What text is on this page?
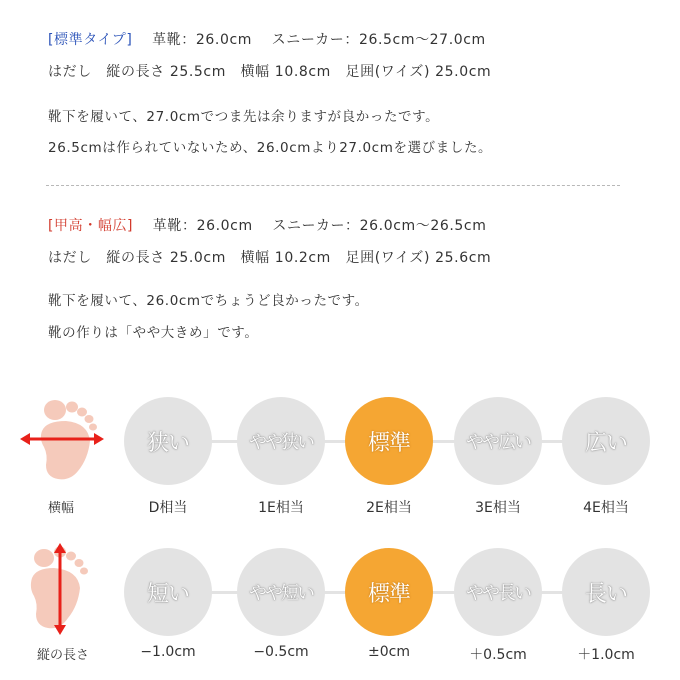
[標準タイプ]　 革靴：26.0cm　 スニーカー：26.5cm〜27.0cm
はだし　縦の長さ 25.5cm　横幅 10.8cm　足囲(ワイズ) 25.0cm
靴下を履いて、27.0cmでつま先は余りますが良かったです。
26.5cmは作られていないため、26.0cmより27.0cmを選びました。
[甲高・幅広]　 革靴：26.0cm　 スニーカー：26.0cm〜26.5cm
はだし　縦の長さ 25.0cm　横幅 10.2cm　足囲(ワイズ) 25.6cm
靴下を履いて、26.0cmでちょうど良かったです。
靴の作りは「やや大きめ」です。
横幅
狭い	やや狭い	標準	やや広い	広い
D相当	1E相当	2E相当	3E相当	4E相当
縦の長さ
短い	やや短い	標準	やや長い	長い
−1.0cm	−0.5cm	±0cm	＋0.5cm	＋1.0cm
